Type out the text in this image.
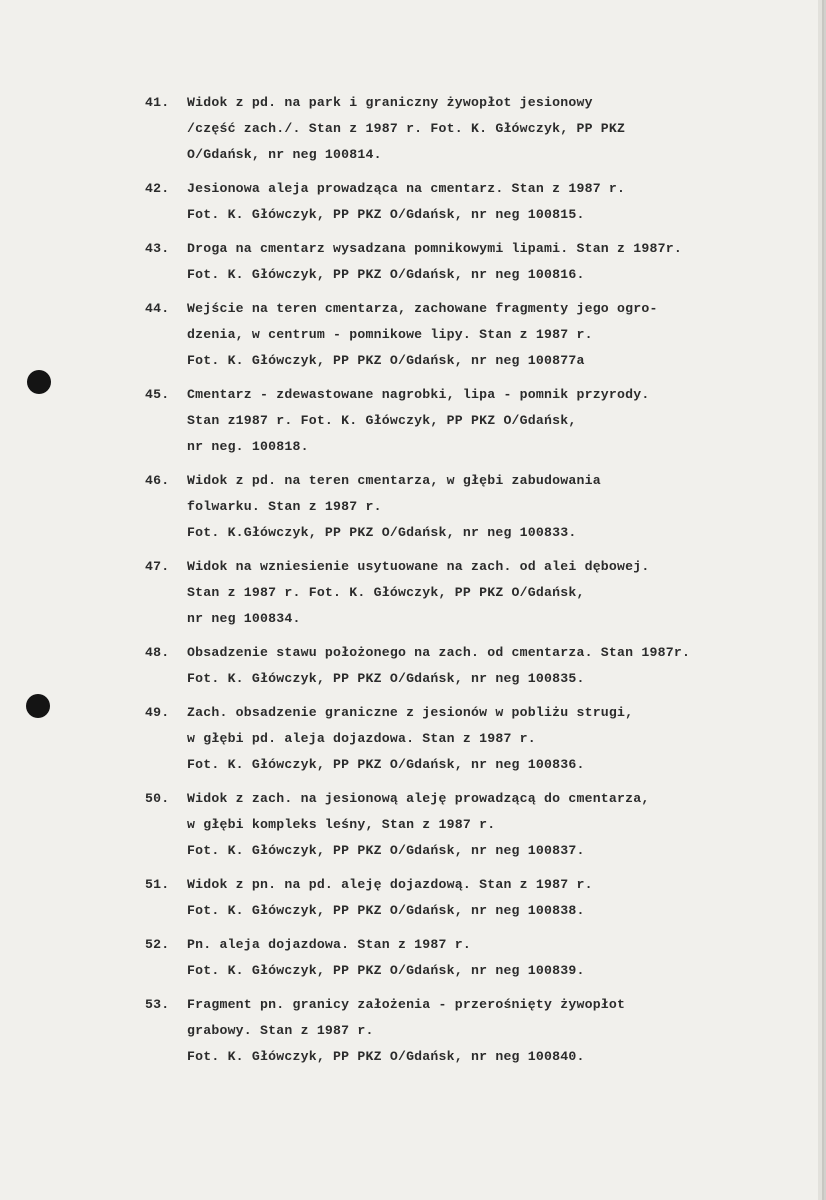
41.	Widok z pd. na park i graniczny żywopłot jesionowy
/część zach./. Stan z 1987 r. Fot. K. Główczyk, PP PKZ
O/Gdańsk, nr neg 100814.
42.	Jesionowa aleja prowadząca na cmentarz. Stan z 1987 r.
Fot. K. Główczyk, PP PKZ O/Gdańsk, nr neg 100815.
43.	Droga na cmentarz wysadzana pomnikowymi lipami. Stan z 1987r.
Fot. K. Główczyk, PP PKZ O/Gdańsk, nr neg 100816.
44.	Wejście na teren cmentarza, zachowane fragmenty jego ogro-
dzenia, w centrum - pomnikowe lipy. Stan z 1987 r.
Fot. K. Główczyk, PP PKZ O/Gdańsk, nr neg 100877a
45.	Cmentarz - zdewastowane nagrobki, lipa - pomnik przyrody.
Stan z1987 r. Fot. K. Główczyk, PP PKZ O/Gdańsk,
nr neg. 100818.
46.	Widok z pd. na teren cmentarza, w głębi zabudowania
folwarku. Stan z 1987 r.
Fot. K.Główczyk, PP PKZ O/Gdańsk, nr neg 100833.
47.	Widok na wzniesienie usytuowane na zach. od alei dębowej.
Stan z 1987 r. Fot. K. Główczyk, PP PKZ O/Gdańsk,
nr neg 100834.
48.	Obsadzenie stawu położonego na zach. od cmentarza. Stan 1987r.
Fot. K. Główczyk, PP PKZ O/Gdańsk, nr neg 100835.
49.	Zach. obsadzenie graniczne z jesionów w pobliżu strugi,
w głębi pd. aleja dojazdowa. Stan z 1987 r.
Fot. K. Główczyk, PP PKZ O/Gdańsk, nr neg 100836.
50.	Widok z zach. na jesionową aleję prowadzącą do cmentarza,
w głębi kompleks leśny, Stan z 1987 r.
Fot. K. Główczyk, PP PKZ O/Gdańsk, nr neg 100837.
51.	Widok z pn. na pd. aleję dojazdową. Stan z 1987 r.
Fot. K. Główczyk, PP PKZ O/Gdańsk, nr neg 100838.
52.	Pn. aleja dojazdowa. Stan z 1987 r.
Fot. K. Główczyk, PP PKZ O/Gdańsk, nr neg 100839.
53.	Fragment pn. granicy założenia - przerośnięty żywopłot
grabowy. Stan z 1987 r.
Fot. K. Główczyk, PP PKZ O/Gdańsk, nr neg 100840.
